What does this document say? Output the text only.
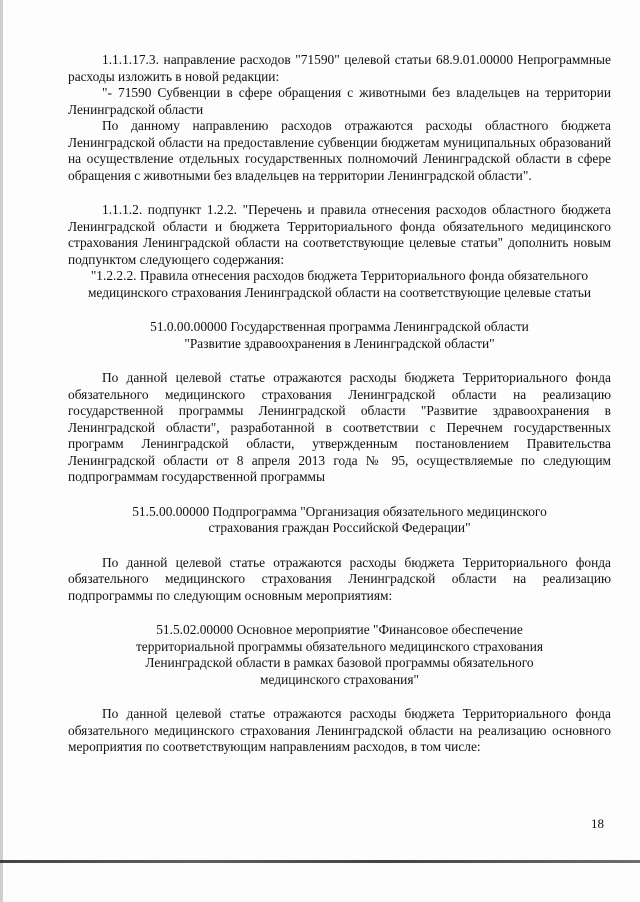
1.1.1.17.3. направление расходов "71590" целевой статьи 68.9.01.00000 Непрограммные расходы изложить в новой редакции:

"- 71590 Субвенции в сфере обращения с животными без владельцев на территории Ленинградской области

По данному направлению расходов отражаются расходы областного бюджета Ленинградской области на предоставление субвенции бюджетам муниципальных образований на осуществление отдельных государственных полномочий Ленинградской области в сфере обращения с животными без владельцев на территории Ленинградской области".

1.1.1.2. подпункт 1.2.2. "Перечень и правила отнесения расходов областного бюджета Ленинградской области и бюджета Территориального фонда обязательного медицинского страхования Ленинградской области на соответствующие целевые статьи" дополнить новым подпунктом следующего содержания:

"1.2.2.2. Правила отнесения расходов бюджета Территориального фонда обязательного медицинского страхования Ленинградской области на соответствующие целевые статьи

51.0.00.00000 Государственная программа Ленинградской области "Развитие здравоохранения в Ленинградской области"

По данной целевой статье отражаются расходы бюджета Территориального фонда обязательного медицинского страхования Ленинградской области на реализацию государственной программы Ленинградской области "Развитие здравоохранения в Ленинградской области", разработанной в соответствии с Перечнем государственных программ Ленинградской области, утвержденным постановлением Правительства Ленинградской области от 8 апреля 2013 года № 95, осуществляемые по следующим подпрограммам государственной программы

51.5.00.00000 Подпрограмма "Организация обязательного медицинского страхования граждан Российской Федерации"

По данной целевой статье отражаются расходы бюджета Территориального фонда обязательного медицинского страхования Ленинградской области на реализацию подпрограммы по следующим основным мероприятиям:

51.5.02.00000 Основное мероприятие "Финансовое обеспечение территориальной программы обязательного медицинского страхования Ленинградской области в рамках базовой программы обязательного медицинского страхования"

По данной целевой статье отражаются расходы бюджета Территориального фонда обязательного медицинского страхования Ленинградской области на реализацию основного мероприятия по соответствующим направлениям расходов, в том числе:

18
